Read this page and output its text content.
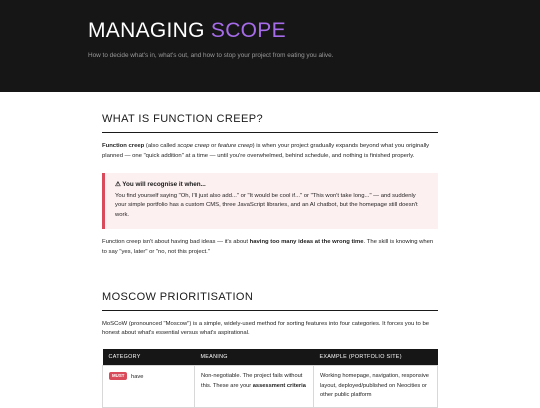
MANAGING SCOPE

How to decide what's in, what's out, and how to stop your project from eating you alive.

WHAT IS FUNCTION CREEP?

Function creep (also called scope creep or feature creep) is when your project gradually expands beyond what you originally planned — one "quick addition" at a time — until you're overwhelmed, behind schedule, and nothing is finished properly.

⚠ You will recognise it when...
You find yourself saying "Oh, I'll just also add..." or "It would be cool if..." or "This won't take long..." — and suddenly your simple portfolio has a custom CMS, three JavaScript libraries, and an AI chatbot, but the homepage still doesn't work.

Function creep isn't about having bad ideas — it's about having too many ideas at the wrong time. The skill is knowing when to say "yes, later" or "no, not this project."

MOSCOW PRIORITISATION

MoSCoW (pronounced "Moscow") is a simple, widely-used method for sorting features into four categories. It forces you to be honest about what's essential versus what's aspirational.

CATEGORY	MEANING	EXAMPLE (PORTFOLIO SITE)
MUST have	Non-negotiable. The project fails without this. These are your assessment criteria	Working homepage, navigation, responsive layout, deployed/published on Neocities or other public platform
